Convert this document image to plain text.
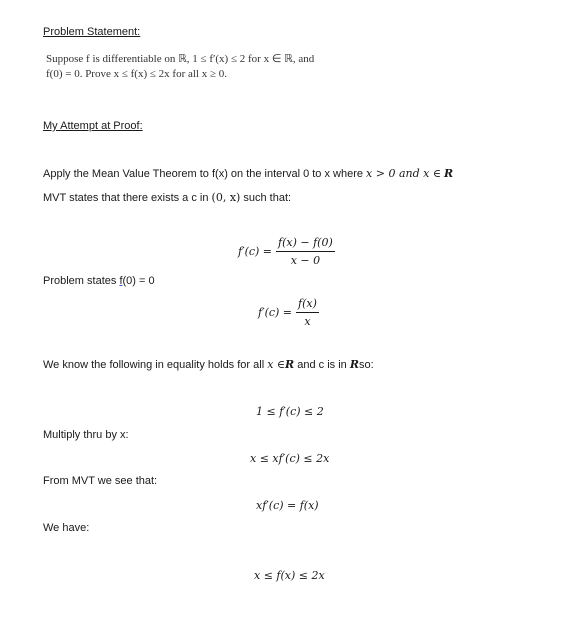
Problem Statement:
Suppose f is differentiable on ℝ, 1 ≤ f′(x) ≤ 2 for x ∈ ℝ, and
f(0) = 0. Prove x ≤ f(x) ≤ 2x for all x ≥ 0.
My Attempt at Proof:
Apply the Mean Value Theorem to f(x) on the interval 0 to x where x > 0 and x ∈ R
MVT states that there exists a c in (0, x) such that:
$f'(c) = \frac{f(x) - f(0)}{x - 0}$
Problem states f(0) = 0
$f'(c) = \frac{f(x)}{x}$
We know the following in equality holds for all x ∈R and c is in Rso:
1 ≤ f′(c) ≤ 2
Multiply thru by x:
x ≤ xf′(c) ≤ 2x
From MVT we see that:
xf′(c) = f(x)
We have:
x ≤ f(x) ≤ 2x
